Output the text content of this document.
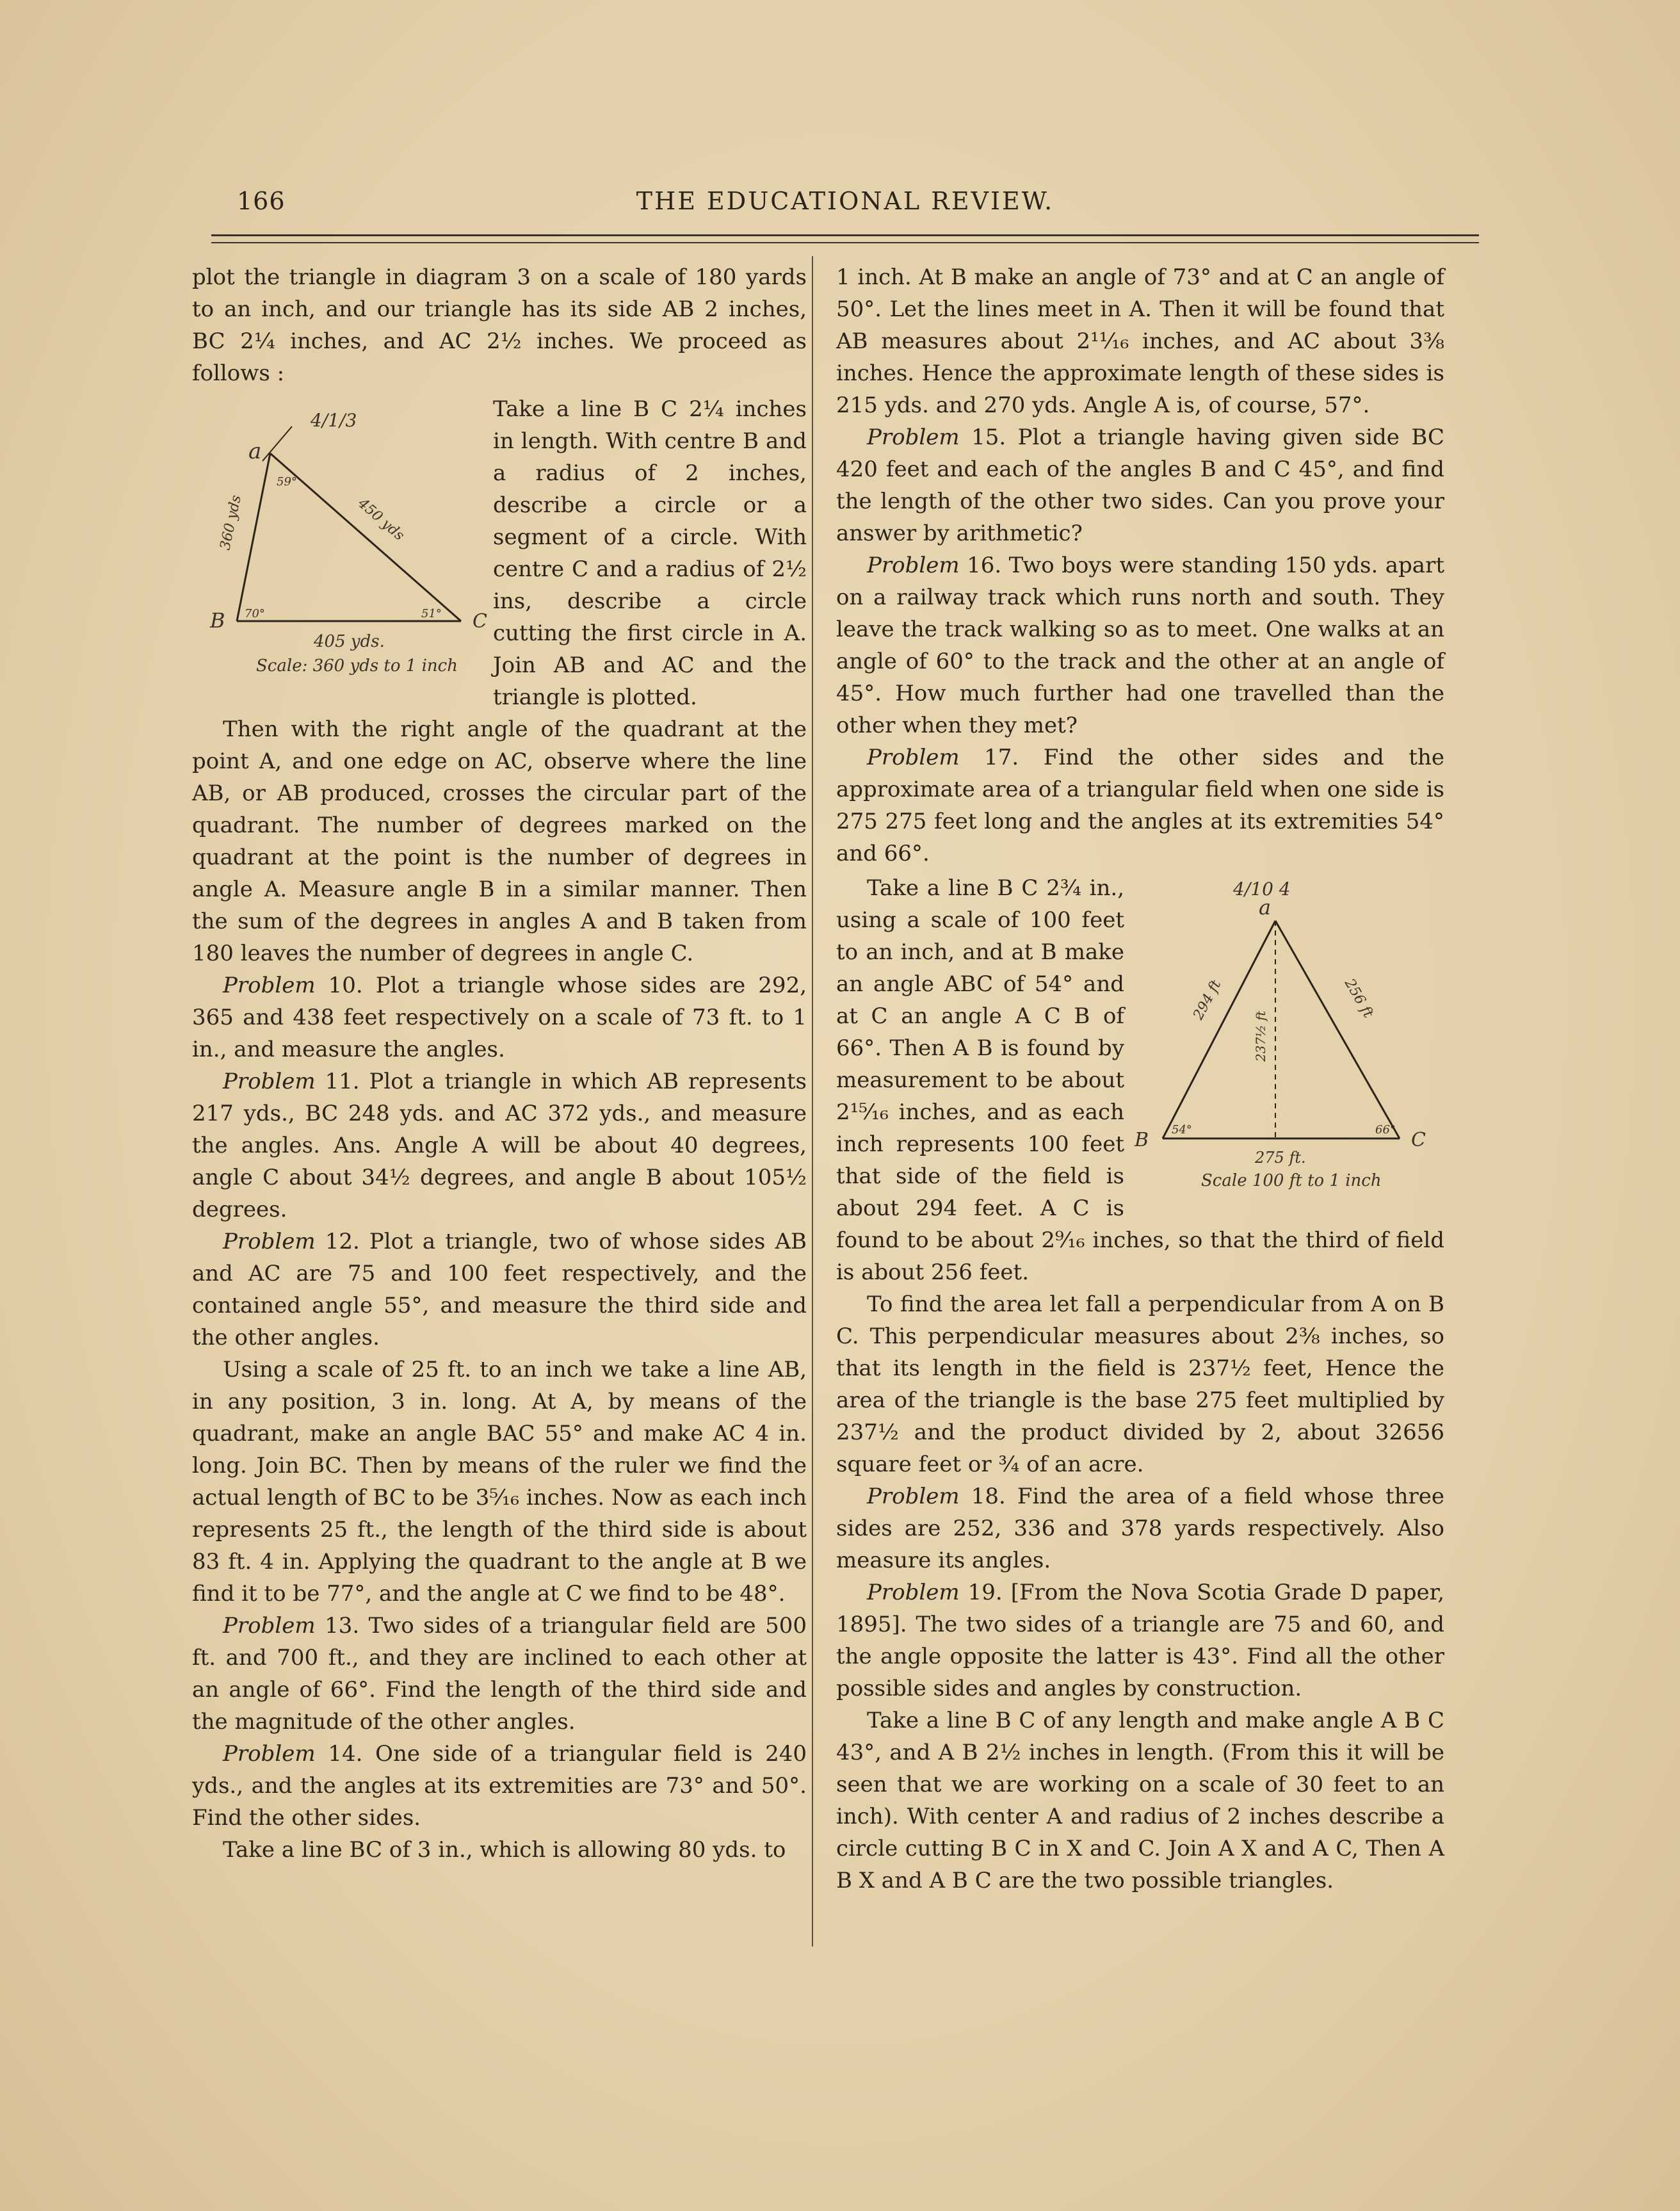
166	THE EDUCATIONAL REVIEW.

plot the triangle in diagram 3 on a scale of 180 yards to an inch, and our triangle has its side AB 2 inches, BC 2¼ inches, and AC 2½ inches. We proceed as follows :

4/1/3
a
B	C
59°
70°	51°
360 yds	450 yds
405 yds.
Scale: 360 yds to 1 inch

Take a line B C 2¼ inches in length. With centre B and a radius of 2 inches, describe a circle or a segment of a circle. With centre C and a radius of 2½ ins, describe a circle cutting the first circle in A. Join AB and AC and the triangle is plotted.

Then with the right angle of the quadrant at the point A, and one edge on AC, observe where the line AB, or AB produced, crosses the circular part of the quadrant. The number of degrees marked on the quadrant at the point is the number of degrees in angle A. Measure angle B in a similar manner. Then the sum of the degrees in angles A and B taken from 180 leaves the number of degrees in angle C.

Problem 10. Plot a triangle whose sides are 292, 365 and 438 feet respectively on a scale of 73 ft. to 1 in., and measure the angles.

Problem 11. Plot a triangle in which AB represents 217 yds., BC 248 yds. and AC 372 yds., and measure the angles. Ans. Angle A will be about 40 degrees, angle C about 34½ degrees, and angle B about 105½ degrees.

Problem 12. Plot a triangle, two of whose sides AB and AC are 75 and 100 feet respectively, and the contained angle 55°, and measure the third side and the other angles.

Using a scale of 25 ft. to an inch we take a line AB, in any position, 3 in. long. At A, by means of the quadrant, make an angle BAC 55° and make AC 4 in. long. Join BC. Then by means of the ruler we find the actual length of BC to be 3⁵⁄₁₆ inches. Now as each inch represents 25 ft., the length of the third side is about 83 ft. 4 in. Applying the quadrant to the angle at B we find it to be 77°, and the angle at C we find to be 48°.

Problem 13. Two sides of a triangular field are 500 ft. and 700 ft., and they are inclined to each other at an angle of 66°. Find the length of the third side and the magnitude of the other angles.

Problem 14. One side of a triangular field is 240 yds., and the angles at its extremities are 73° and 50°. Find the other sides.

Take a line BC of 3 in., which is allowing 80 yds. to

1 inch. At B make an angle of 73° and at C an angle of 50°. Let the lines meet in A. Then it will be found that AB measures about 2¹¹⁄₁₆ inches, and AC about 3⅜ inches. Hence the approximate length of these sides is 215 yds. and 270 yds. Angle A is, of course, 57°.

Problem 15. Plot a triangle having given side BC 420 feet and each of the angles B and C 45°, and find the length of the other two sides. Can you prove your answer by arithmetic?

Problem 16. Two boys were standing 150 yds. apart on a railway track which runs north and south. They leave the track walking so as to meet. One walks at an angle of 60° to the track and the other at an angle of 45°. How much further had one travelled than the other when they met?

Problem 17. Find the other sides and the approximate area of a triangular field when one side is 275 275 feet long and the angles at its extremities 54° and 66°.

4/10 4
a
B	C
54°	66°
294 ft	256 ft
237½ ft
275 ft.
Scale 100 ft to 1 inch

Take a line B C 2¾ in., using a scale of 100 feet to an inch, and at B make an angle ABC of 54° and at C an angle A C B of 66°. Then A B is found by measurement to be about 2¹⁵⁄₁₆ inches, and as each inch represents 100 feet that side of the field is about 294 feet. A C is found to be about 2⁹⁄₁₆ inches, so that the third of field is about 256 feet.

To find the area let fall a perpendicular from A on B C. This perpendicular measures about 2⅜ inches, so that its length in the field is 237½ feet, Hence the area of the triangle is the base 275 feet multiplied by 237½ and the product divided by 2, about 32656 square feet or ¾ of an acre.

Problem 18. Find the area of a field whose three sides are 252, 336 and 378 yards respectively. Also measure its angles.

Problem 19. [From the Nova Scotia Grade D paper, 1895]. The two sides of a triangle are 75 and 60, and the angle opposite the latter is 43°. Find all the other possible sides and angles by construction.

Take a line B C of any length and make angle A B C 43°, and A B 2½ inches in length. (From this it will be seen that we are working on a scale of 30 feet to an inch). With center A and radius of 2 inches describe a circle cutting B C in X and C. Join A X and A C, Then A B X and A B C are the two possible triangles.
